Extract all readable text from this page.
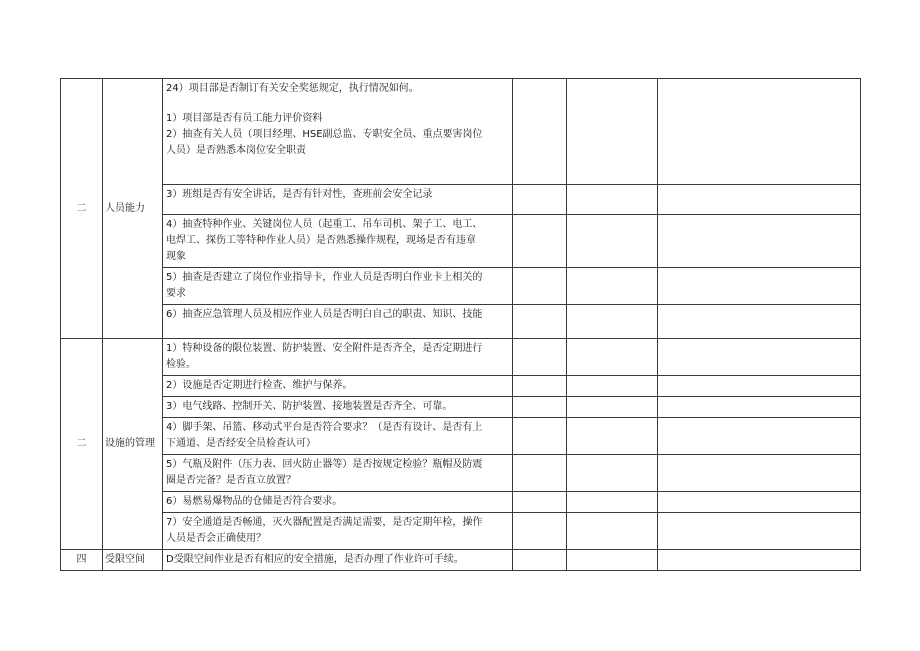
二	人员能力	24）项目部是否制订有关安全奖惩规定，执行情况如何。
1）项目部是否有员工能力评价资料
2）抽查有关人员（项目经理、HSE副总监、专职安全员、重点要害岗位
人员）是否熟悉本岗位安全职责			

		3）班组是否有安全讲话，是否有针对性，查班前会安全记录			

		4）抽查特种作业、关键岗位人员（起重工、吊车司机、架子工、电工、
电焊工、探伤工等特种作业人员）是否熟悉操作规程，现场是否有违章
现象			

		5）抽查是否建立了岗位作业指导卡，作业人员是否明白作业卡上相关的
要求			

		6）抽查应急管理人员及相应作业人员是否明白自己的职责、知识、技能			

二	设施的管理	1）特种设备的限位装置、防护装置、安全附件是否齐全，是否定期进行
检验。			

		2）设施是否定期进行检查、维护与保养。			

		3）电气线路、控制开关、防护装置、接地装置是否齐全、可靠。			

		4）脚手架、吊篮、移动式平台是否符合要求？（是否有设计、是否有上
下通道、是否经安全员检查认可）			

		5）气瓶及附件（压力表、回火防止器等）是否按规定检验？瓶帽及防震
圈是否完备？是否直立放置？			

		6）易燃易爆物品的仓储是否符合要求。			

		7）安全通道是否畅通，灭火器配置是否满足需要，是否定期年检，操作
人员是否会正确使用？			

四	受限空间	D受限空间作业是否有相应的安全措施，是否办理了作业许可手续。			
